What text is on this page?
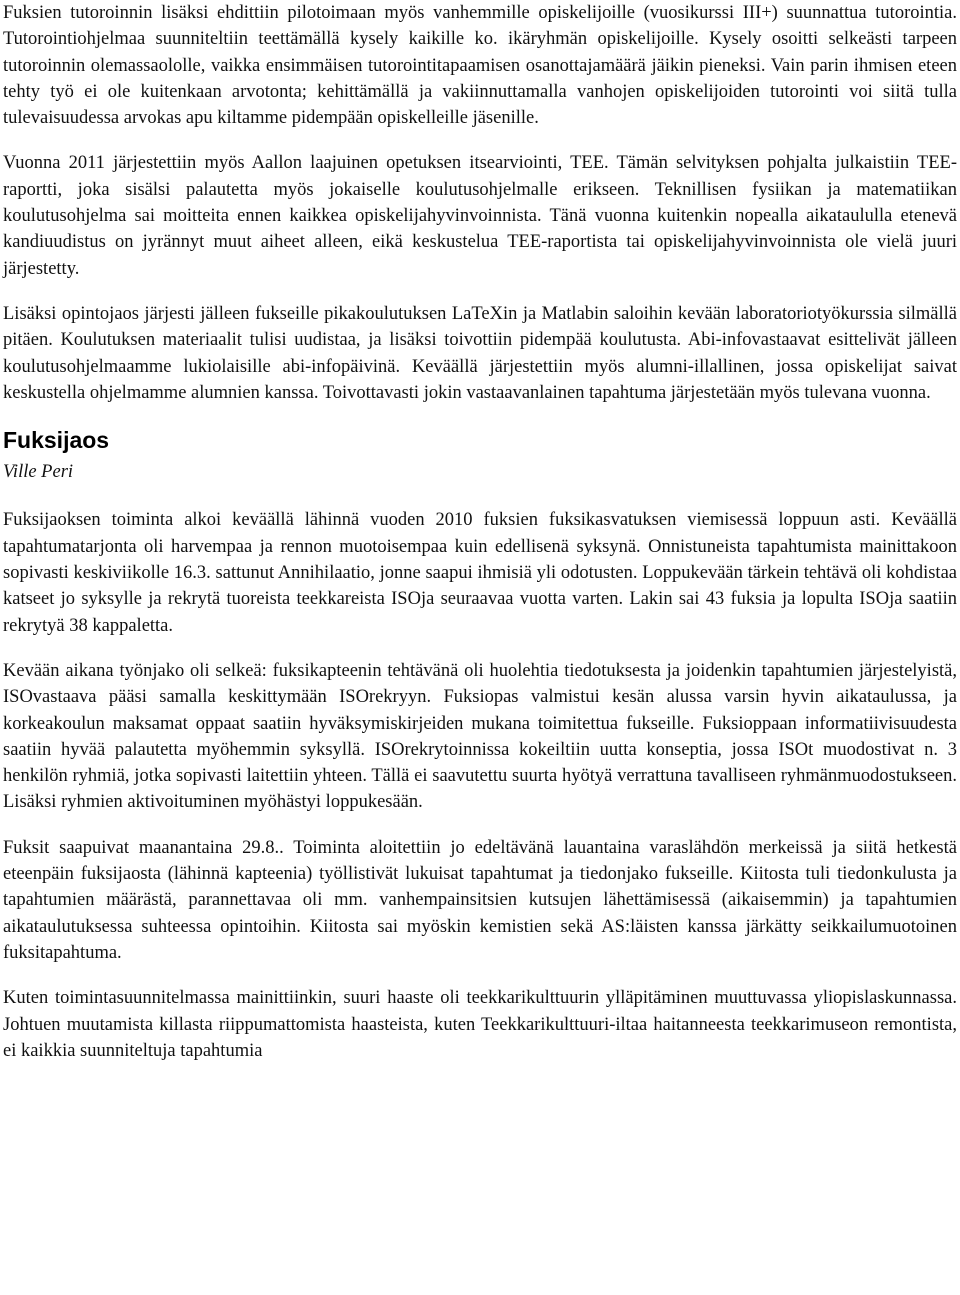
Fuksien tutoroinnin lisäksi ehdittiin pilotoimaan myös vanhemmille opiskelijoille (vuosikurssi III+) suunnattua tutorointia. Tutorointiohjelmaa suunniteltiin teettämällä kysely kaikille ko. ikäryhmän opiskelijoille. Kysely osoitti selkeästi tarpeen tutoroinnin olemassaololle, vaikka ensimmäisen tutorointitapaamisen osanottajamäärä jäikin pieneksi. Vain parin ihmisen eteen tehty työ ei ole kuitenkaan arvotonta; kehittämällä ja vakiinnuttamalla vanhojen opiskelijoiden tutorointi voi siitä tulla tulevaisuudessa arvokas apu kiltamme pidempään opiskelleille jäsenille.

Vuonna 2011 järjestettiin myös Aallon laajuinen opetuksen itsearviointi, TEE. Tämän selvityksen pohjalta julkaistiin TEE-raportti, joka sisälsi palautetta myös jokaiselle koulutusohjelmalle erikseen. Teknillisen fysiikan ja matematiikan koulutusohjelma sai moitteita ennen kaikkea opiskelijahyvinvoinnista. Tänä vuonna kuitenkin nopealla aikataululla etenevä kandiuudistus on jyrännyt muut aiheet alleen, eikä keskustelua TEE-raportista tai opiskelijahyvinvoinnista ole vielä juuri järjestetty.

Lisäksi opintojaos järjesti jälleen fukseille pikakoulutuksen LaTeXin ja Matlabin saloihin kevään laboratoriotyökurssia silmällä pitäen. Koulutuksen materiaalit tulisi uudistaa, ja lisäksi toivottiin pidempää koulutusta. Abi-infovastaavat esittelivät jälleen koulutusohjelmaamme lukiolaisille abi-infopäivinä. Keväällä järjestettiin myös alumni-illallinen, jossa opiskelijat saivat keskustella ohjelmamme alumnien kanssa. Toivottavasti jokin vastaavanlainen tapahtuma järjestetään myös tulevana vuonna.

Fuksijaos
Ville Peri

Fuksijaoksen toiminta alkoi keväällä lähinnä vuoden 2010 fuksien fuksikasvatuksen viemisessä loppuun asti. Keväällä tapahtumatarjonta oli harvempaa ja rennon muotoisempaa kuin edellisenä syksynä. Onnistuneista tapahtumista mainittakoon sopivasti keskiviikolle 16.3. sattunut Annihilaatio, jonne saapui ihmisiä yli odotusten. Loppukevään tärkein tehtävä oli kohdistaa katseet jo syksylle ja rekrytä tuoreista teekkareista ISOja seuraavaa vuotta varten. Lakin sai 43 fuksia ja lopulta ISOja saatiin rekrytyä 38 kappaletta.

Kevään aikana työnjako oli selkeä: fuksikapteenin tehtävänä oli huolehtia tiedotuksesta ja joidenkin tapahtumien järjestelyistä, ISOvastaava pääsi samalla keskittymään ISOrekryyn. Fuksiopas valmistui kesän alussa varsin hyvin aikataulussa, ja korkeakoulun maksamat oppaat saatiin hyväksymiskirjeiden mukana toimitettua fukseille. Fuksioppaan informatiivisuudesta saatiin hyvää palautetta myöhemmin syksyllä. ISOrekrytoinnissa kokeiltiin uutta konseptia, jossa ISOt muodostivat n. 3 henkilön ryhmiä, jotka sopivasti laitettiin yhteen. Tällä ei saavutettu suurta hyötyä verrattuna tavalliseen ryhmänmuodostukseen. Lisäksi ryhmien aktivoituminen myöhästyi loppukesään.

Fuksit saapuivat maanantaina 29.8.. Toiminta aloitettiin jo edeltävänä lauantaina varaslähdön merkeissä ja siitä hetkestä eteenpäin fuksijaosta (lähinnä kapteenia) työllistivät lukuisat tapahtumat ja tiedonjako fukseille. Kiitosta tuli tiedonkulusta ja tapahtumien määrästä, parannettavaa oli mm. vanhempainsitsien kutsujen lähettämisessä (aikaisemmin) ja tapahtumien aikataulutuksessa suhteessa opintoihin. Kiitosta sai myöskin kemistien sekä AS:läisten kanssa järkätty seikkailumuotoinen fuksitapahtuma.

Kuten toimintasuunnitelmassa mainittiinkin, suuri haaste oli teekkarikulttuurin ylläpitäminen muuttuvassa yliopislaskunnassa. Johtuen muutamista killasta riippumattomista haasteista, kuten Teekkarikulttuuri-iltaa haitanneesta teekkarimuseon remontista, ei kaikkia suunniteltuja tapahtumia
